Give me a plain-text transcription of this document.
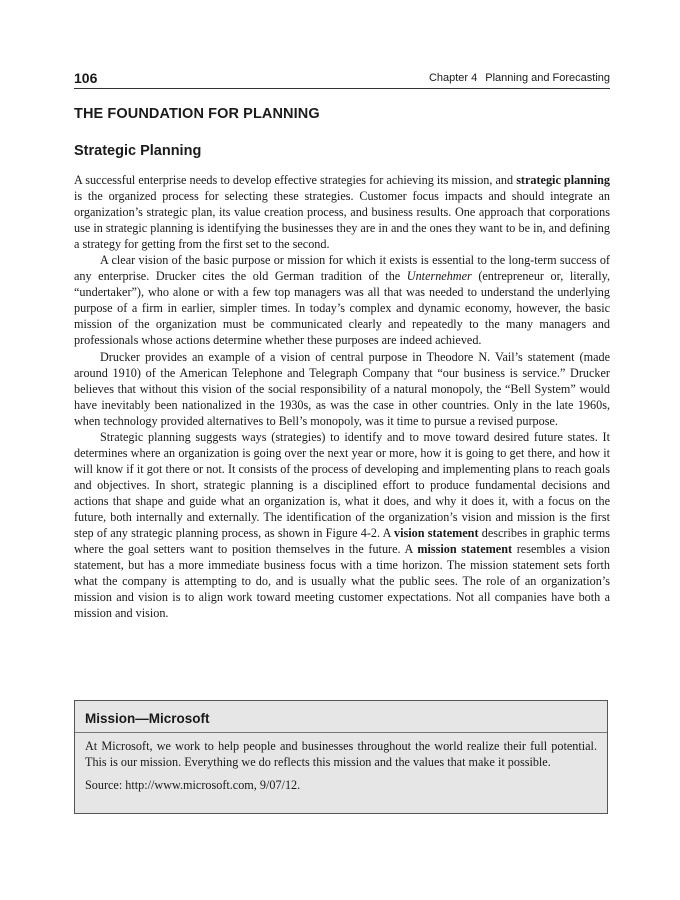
106	Chapter 4 Planning and Forecasting
THE FOUNDATION FOR PLANNING
Strategic Planning

A successful enterprise needs to develop effective strategies for achieving its mission, and strategic planning is the organized process for selecting these strategies. Customer focus impacts and should integrate an organization’s strategic plan, its value creation process, and business results. One approach that corporations use in strategic planning is identifying the businesses they are in and the ones they want to be in, and defining a strategy for getting from the first set to the second.

A clear vision of the basic purpose or mission for which it exists is essential to the long-term success of any enterprise. Drucker cites the old German tradition of the Unternehmer (entrepreneur or, literally, “undertaker”), who alone or with a few top managers was all that was needed to understand the underlying purpose of a firm in earlier, simpler times. In today’s complex and dynamic economy, however, the basic mission of the organization must be communicated clearly and repeatedly to the many managers and professionals whose actions determine whether these purposes are indeed achieved.

Drucker provides an example of a vision of central purpose in Theodore N. Vail’s statement (made around 1910) of the American Telephone and Telegraph Company that “our business is service.” Drucker believes that without this vision of the social responsibility of a natural monopoly, the “Bell System” would have inevitably been nationalized in the 1930s, as was the case in other countries. Only in the late 1960s, when technology provided alternatives to Bell’s monopoly, was it time to pursue a revised purpose.

Strategic planning suggests ways (strategies) to identify and to move toward desired future states. It determines where an organization is going over the next year or more, how it is going to get there, and how it will know if it got there or not. It consists of the process of developing and implementing plans to reach goals and objectives. In short, strategic planning is a disciplined effort to produce fundamental decisions and actions that shape and guide what an organization is, what it does, and why it does it, with a focus on the future, both internally and externally. The identification of the organization’s vision and mission is the first step of any strategic planning process, as shown in Figure 4-2. A vision statement describes in graphic terms where the goal setters want to position themselves in the future. A mission statement resembles a vision statement, but has a more immediate business focus with a time horizon. The mission statement sets forth what the company is attempting to do, and is usually what the public sees. The role of an organization’s mission and vision is to align work toward meeting customer expectations. Not all companies have both a mission and vision.

Mission—Microsoft

At Microsoft, we work to help people and businesses throughout the world realize their full potential. This is our mission. Everything we do reflects this mission and the values that make it possible.

Source: http://www.microsoft.com, 9/07/12.
